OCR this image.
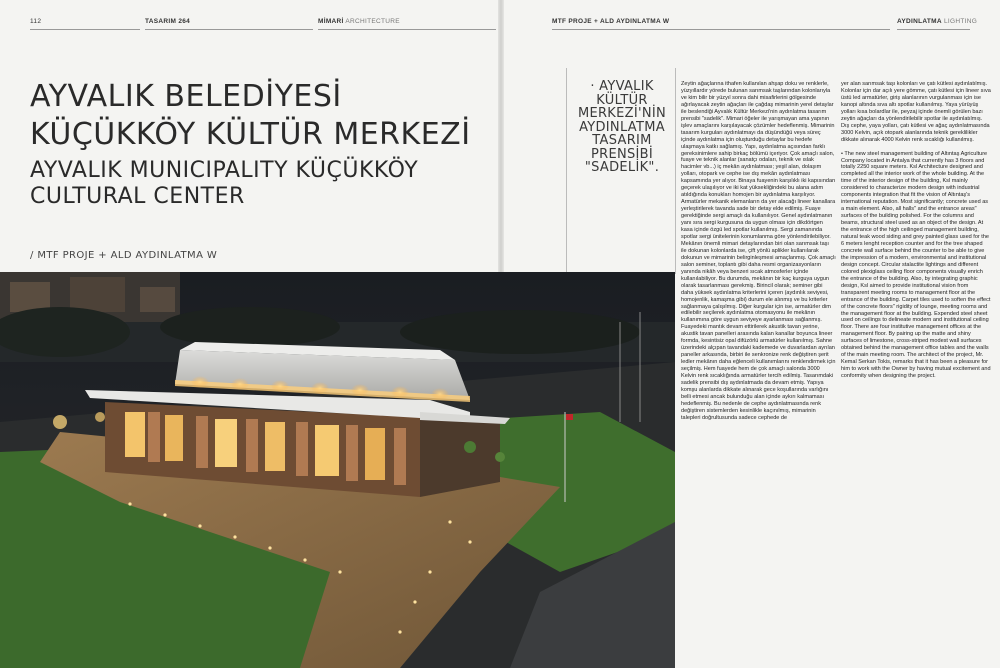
112	TASARIM 264	MİMARİ ARCHITECTURE	MTF PROJE + ALD AYDINLATMA W	AYDINLATMA LIGHTING
AYVALIK BELEDİYESİ
KÜÇÜKKÖY KÜLTÜR MERKEZİ
AYVALIK MUNICIPALITY KÜÇÜKKÖY
CULTURAL CENTER
/ MTF PROJE + ALD AYDINLATMA W
· AYVALIK KÜLTÜR MERKEZİ'NİN AYDINLATMA TASARIM PRENSİBİ "SADELİK".

Zeytin ağaçlarına ithafen kullanılan ahşap doku ve renklerle, yüzyıllardır yörede bulunan sarımsak taşlarından kolonlarıyla ve kim bilir bir yüzyıl sonra dahi misafirlerini gölgesinde ağırlayacak zeytin ağaçları ile çağdaş mimarinin yerel detaylar ile beslendiği Ayvalık Kültür Merkezi'nin aydınlatma tasarım prensibi "sadelik". Mimari öğeler ile yarışmayan ama yapının işlev amaçlarını karşılayacak çözümler hedeflenmiş. Mimarinin tasarım kurguları aydınlatmayı da düşündüğü veya süreç içinde aydınlatma için oluşturduğu detaylar bu hedefe ulaşmaya katkı sağlamış. Yapı, aydınlatma açısından farklı gereksinimlere sahip birkaç bölümü içeriyor. Çok amaçlı salon, fuaye ve teknik alanlar (sanatçı odaları, teknik ve ıslak hacimler vb...) iç mekân aydınlatması; yeşil alan, dolaşım yolları, otopark ve cephe ise dış mekân aydınlatması kapsamında yer alıyor. Binaya fuayenin karşılıklı iki kapısından geçerek ulaşılıyor ve iki kat yüksekliğindeki bu alana adım atıldığında konukları homojen bir aydınlatma karşılıyor. Armatürler mekanik elemanların da yer alacağı lineer kanallara yerleştirilerek tavanda sade bir detay elde edilmiş. Fuaye gerektiğinde sergi amaçlı da kullanılıyor. Genel aydınlatmanın yanı sıra sergi kurgusuna da uygun olması için dikdörtgen kasa içinde özgü led spotlar kullanılmış. Sergi zamanında spotlar sergi ünitelerinin konumlanma göre yönlendirilebiliyor. Mekânın önemli mimari detaylarından biri olan sarımsak taşı ile dokunan kolonlarda ise, çift yönlü aplikler kullanılarak dokunun ve mimarinin belirginleşmesi amaçlanmış. Çok amaçlı salon seminer, toplantı gibi daha resmi organizasyonların yanında nikâh veya benzeri sıcak atmosferler içinde kullanılabiliyor. Bu durumda, mekânın bir kaç kurguya uygun olarak tasarlanması gerekmiş. Birincil olarak; seminer gibi daha yüksek aydınlatma kriterlerini içeren (aydınlık seviyesi, homojenlik, kamaşma gibi) durum ele alınmış ve bu kriterler sağlanmaya çalışılmış. Diğer kurgular için ise, armatürler dim edilebilir seçilerek aydınlatma otomasyonu ile mekânın kullanımına göre uygun seviyeye ayarlanması sağlanmış. Fuayedeki mantık devam ettirilerek akustik tavan yerine, akustik tavan panelleri arasında kalan kanallar boyunca lineer formda, kesintisiz opal difüzörlü armatürler kullanılmış. Sahne üzerindeki alçıpan tavandaki kademede ve duvarlardan ayrılan paneller arkasında, birbiri ile senkronize renk değiştiren şerit ledler mekânın daha eğlenceli kullanımlarını renklendirmek için seçilmiş. Hem fuayede hem de çok amaçlı salonda 3000 Kelvin renk sıcaklığında armatürler tercih edilmiş. Tasarımdaki sadelik prensibi dış aydınlatmada da devam etmiş. Yapıya komşu alanlarda dikkate alınarak gece koşullarında varlığını belli etmesi ancak bulunduğu alan içinde aykırı kalmaması hedeflenmiş. Bu nedenle de cephe aydınlatmasında renk değiştiren sistemlerden kesinlikle kaçınılmış, mimarinin talepleri doğrultusunda sadece cephede de

yer alan sarımsak taşı kolonları ve çatı kütlesi aydınlatılmış. Kolonlar için dar açılı yere gömme, çatı kütlesi için lineer sıva üstü led armatürler, giriş alanlarının vurgulanması için ise kanopi altında sıva altı spotlar kullanılmış. Yaya yürüyüş yolları kısa bolardlar ile, peyzaj içinde önemli görülen bazı zeytin ağaçları da yönlendirilebilir spotlar ile aydınlatılmış. Dış cephe, yaya yolları, çatı kütlesi ve ağaç aydınlatmasında 3000 Kelvin, açık otopark alanlarında teknik gereklilikler dikkate alınarak 4000 Kelvin renk sıcaklığı kullanılmış.

• The new steel management building of Altıntaş Agriculture Company located in Antalya that currently has 3 floors and totally 2250 square meters. Ksl Architecture designed and completed all the interior work of the whole building. At the time of the interior design of the building, Ksl mainly considered to characterize modern design with industrial components integration that fit the vision of Altıntaş's international reputation. Most significantly; concrete used as a main element. Also, all halls" and the entrance areas" surfaces of the building polished. For the columns and beams, structural steel used as an object of the design. At the entrance of the high ceilinged management building, natural teak wood siding and grey painted glass used for the 6 meters lenght reception counter and for the tree shaped concrete wall surface behind the counter to be able to give the impression of a modern, environmental and institutional design concept. Circular stalactite lightings and different colored plexiglass ceiling floor components visually enrich the entrance of the building. Also, by integrating graphic design, Ksl aimed to provide institutional vision from transparent meeting rooms to management floor at the entrance of the building. Carpet tiles used to soften the effect of the concrete floors" rigidity of lounge, meeting rooms and the management floor at the building. Expended steel sheet used on ceilings to delineate modern and institutional ceiling floor. There are four institutive management offices at the management floor. By pairing up the matte and shiny surfaces of limestone, cross-striped modest wall surfaces obtained behind the management office tables and the walls of the main meeting room. The architect of the project, Mr. Kemal Serkan Tokis, remarks that it has been a pleasure for him to work with the Owner by having mutual excitement and conformity when designing the project.
